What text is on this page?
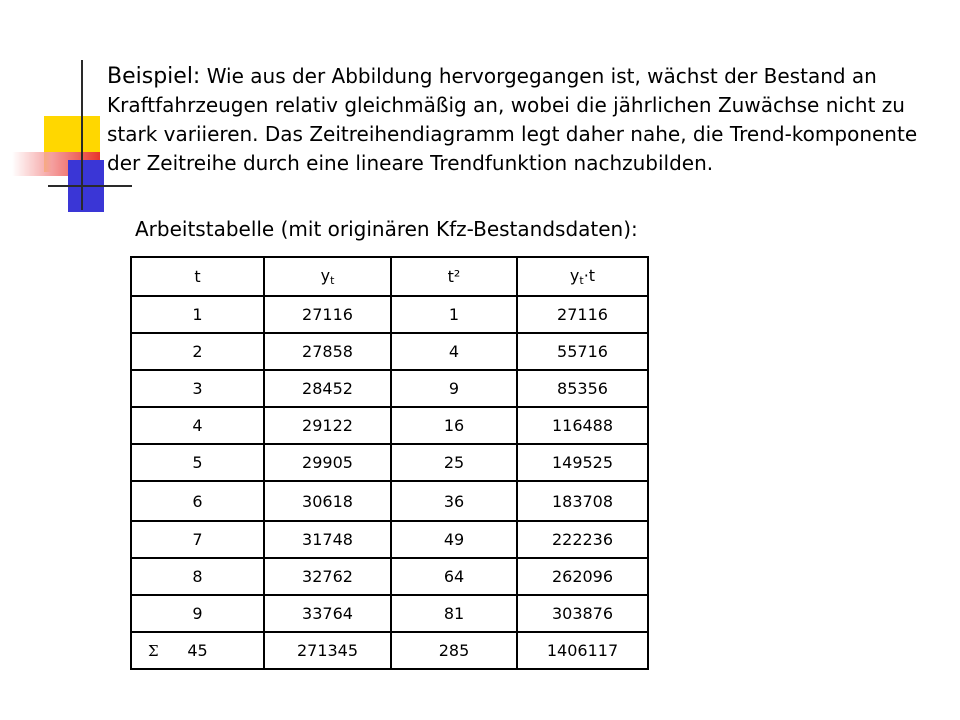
Beispiel: Wie aus der Abbildung hervorgegangen ist, wächst der Bestand an Kraftfahrzeugen relativ gleichmäßig an, wobei die jährlichen Zuwächse nicht zu stark variieren. Das Zeitreihendiagramm legt daher nahe, die Trend-komponente der Zeitreihe durch eine lineare Trendfunktion nachzubilden.

Arbeitstabelle (mit originären Kfz-Bestandsdaten):

t	$y_t$	t²	$y_t\cdot t$
1	27116	1	27116
2	27858	4	55716
3	28452	9	85356
4	29122	16	116488
5	29905	25	149525
6	30618	36	183708
7	31748	49	222236
8	32762	64	262096
9	33764	81	303876

Σ 45	271345	285	1406117
